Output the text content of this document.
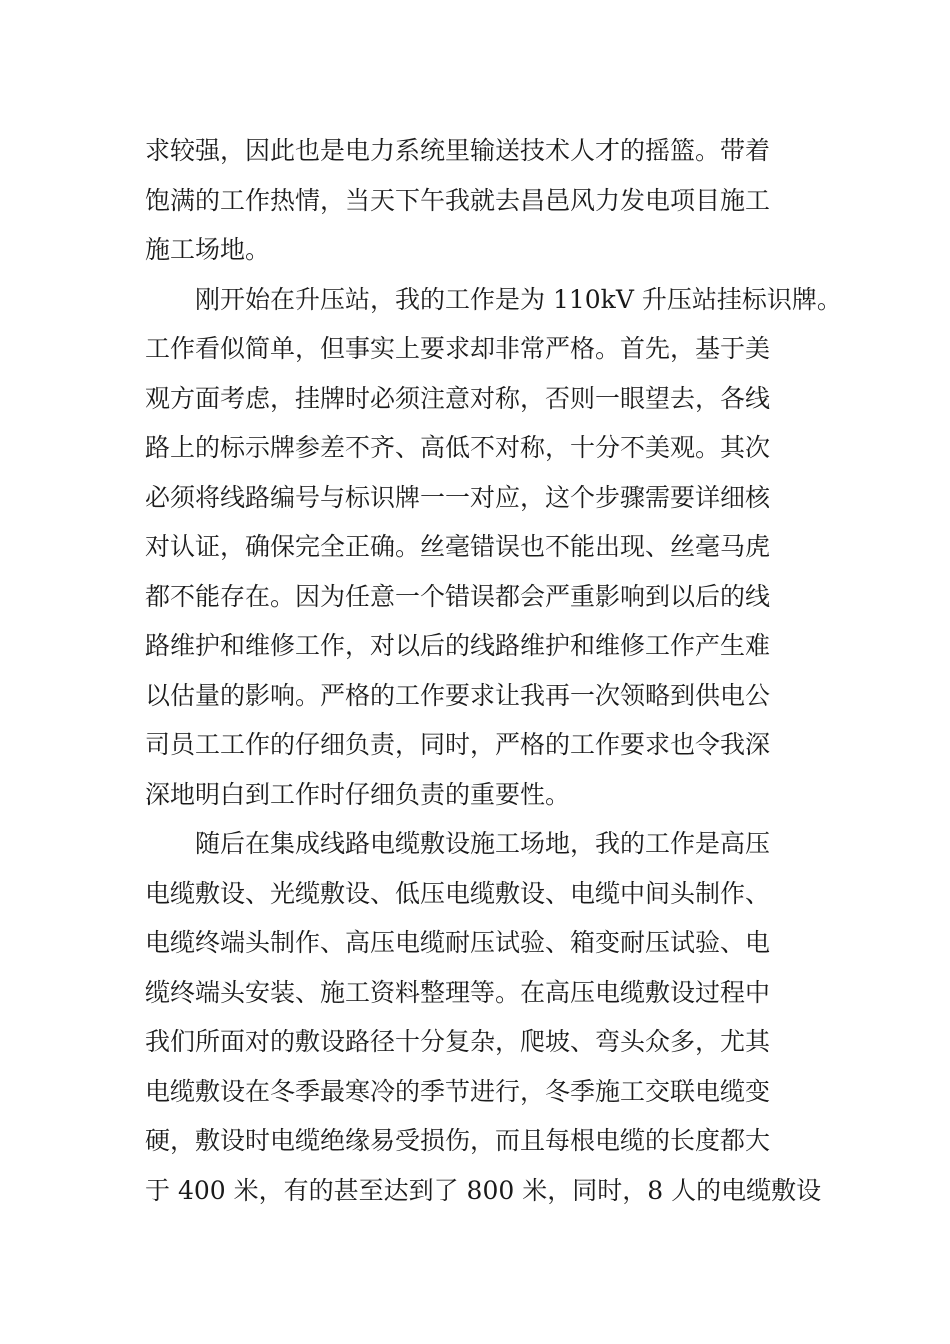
求较强，因此也是电力系统里输送技术人才的摇篮。带着
饱满的工作热情，当天下午我就去昌邑风力发电项目施工
施工场地。
刚开始在升压站，我的工作是为 110kV 升压站挂标识牌。
工作看似简单，但事实上要求却非常严格。首先，基于美
观方面考虑，挂牌时必须注意对称，否则一眼望去，各线
路上的标示牌参差不齐、高低不对称，十分不美观。其次
必须将线路编号与标识牌一一对应，这个步骤需要详细核
对认证，确保完全正确。丝毫错误也不能出现、丝毫马虎
都不能存在。因为任意一个错误都会严重影响到以后的线
路维护和维修工作，对以后的线路维护和维修工作产生难
以估量的影响。严格的工作要求让我再一次领略到供电公
司员工工作的仔细负责，同时，严格的工作要求也令我深
深地明白到工作时仔细负责的重要性。
随后在集成线路电缆敷设施工场地，我的工作是高压
电缆敷设、光缆敷设、低压电缆敷设、电缆中间头制作、
电缆终端头制作、高压电缆耐压试验、箱变耐压试验、电
缆终端头安装、施工资料整理等。在高压电缆敷设过程中
我们所面对的敷设路径十分复杂，爬坡、弯头众多，尤其
电缆敷设在冬季最寒冷的季节进行，冬季施工交联电缆变
硬，敷设时电缆绝缘易受损伤，而且每根电缆的长度都大
于 400 米，有的甚至达到了 800 米，同时，8 人的电缆敷设
